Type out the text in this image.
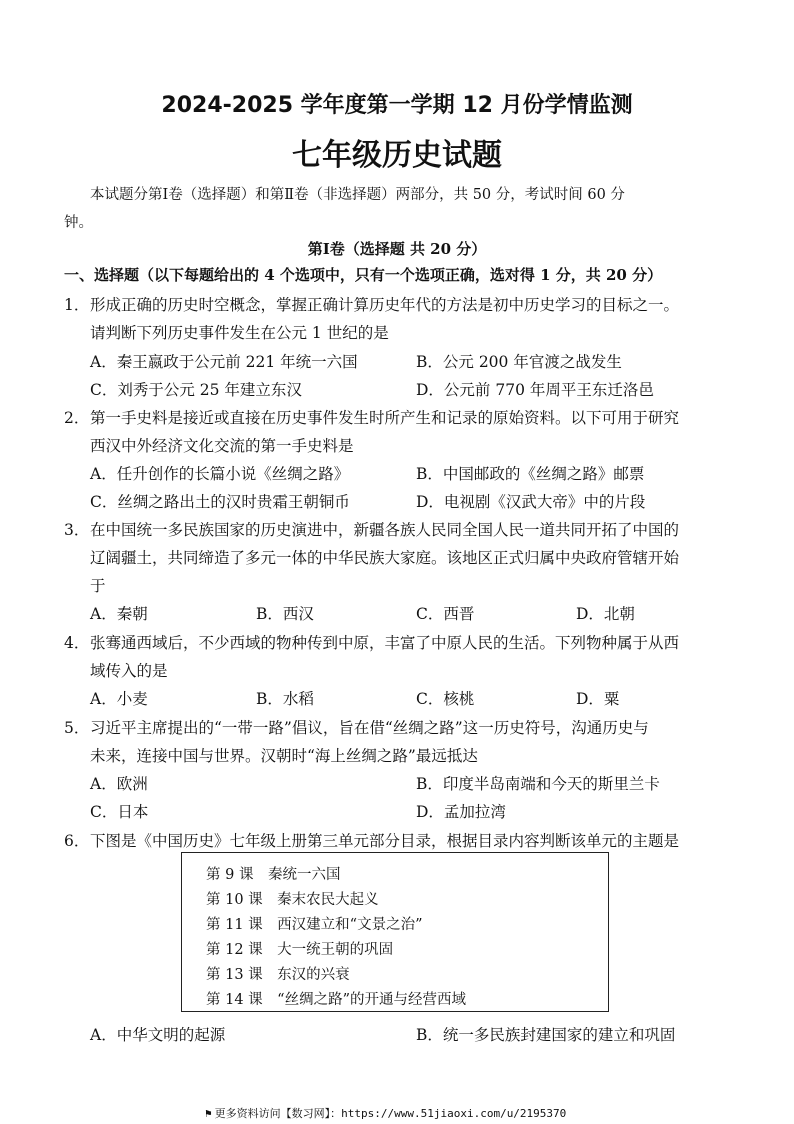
2024-2025 学年度第一学期 12 月份学情监测
七年级历史试题
本试题分第Ⅰ卷（选择题）和第Ⅱ卷（非选择题）两部分，共 50 分，考试时间 60 分
钟。
第Ⅰ卷（选择题 共 20 分）
一、选择题（以下每题给出的 4 个选项中，只有一个选项正确，选对得 1 分，共 20 分）
1． 形成正确的历史时空概念，掌握正确计算历史年代的方法是初中历史学习的目标之一。
请判断下列历史事件发生在公元 1 世纪的是
A．秦王嬴政于公元前 221 年统一六国	B．公元 200 年官渡之战发生
C．刘秀于公元 25 年建立东汉	D．公元前 770 年周平王东迁洛邑
2． 第一手史料是接近或直接在历史事件发生时所产生和记录的原始资料。以下可用于研究
西汉中外经济文化交流的第一手史料是
A．任升创作的长篇小说《丝绸之路》	B．中国邮政的《丝绸之路》邮票
C．丝绸之路出土的汉时贵霜王朝铜币	D．电视剧《汉武大帝》中的片段
3． 在中国统一多民族国家的历史演进中，新疆各族人民同全国人民一道共同开拓了中国的
辽阔疆土，共同缔造了多元一体的中华民族大家庭。该地区正式归属中央政府管辖开始
于
A．秦朝	B．西汉	C．西晋	D．北朝
4． 张骞通西域后，不少西域的物种传到中原，丰富了中原人民的生活。下列物种属于从西
域传入的是
A．小麦	B．水稻	C．核桃	D．粟
5． 习近平主席提出的“一带一路”倡议，旨在借“丝绸之路”这一历史符号，沟通历史与
未来，连接中国与世界。汉朝时“海上丝绸之路”最远抵达
A．欧洲	B．印度半岛南端和今天的斯里兰卡
C．日本	D．孟加拉湾
6． 下图是《中国历史》七年级上册第三单元部分目录，根据目录内容判断该单元的主题是
第 9 课　秦统一六国
第 10 课　秦末农民大起义
第 11 课　西汉建立和“文景之治”
第 12 课　大一统王朝的巩固
第 13 课　东汉的兴衰
第 14 课　“丝绸之路”的开通与经营西域
A．中华文明的起源	B．统一多民族封建国家的建立和巩固
⚑ 更多资料访问【数习网】：https://www.51jiaoxi.com/u/2195370
